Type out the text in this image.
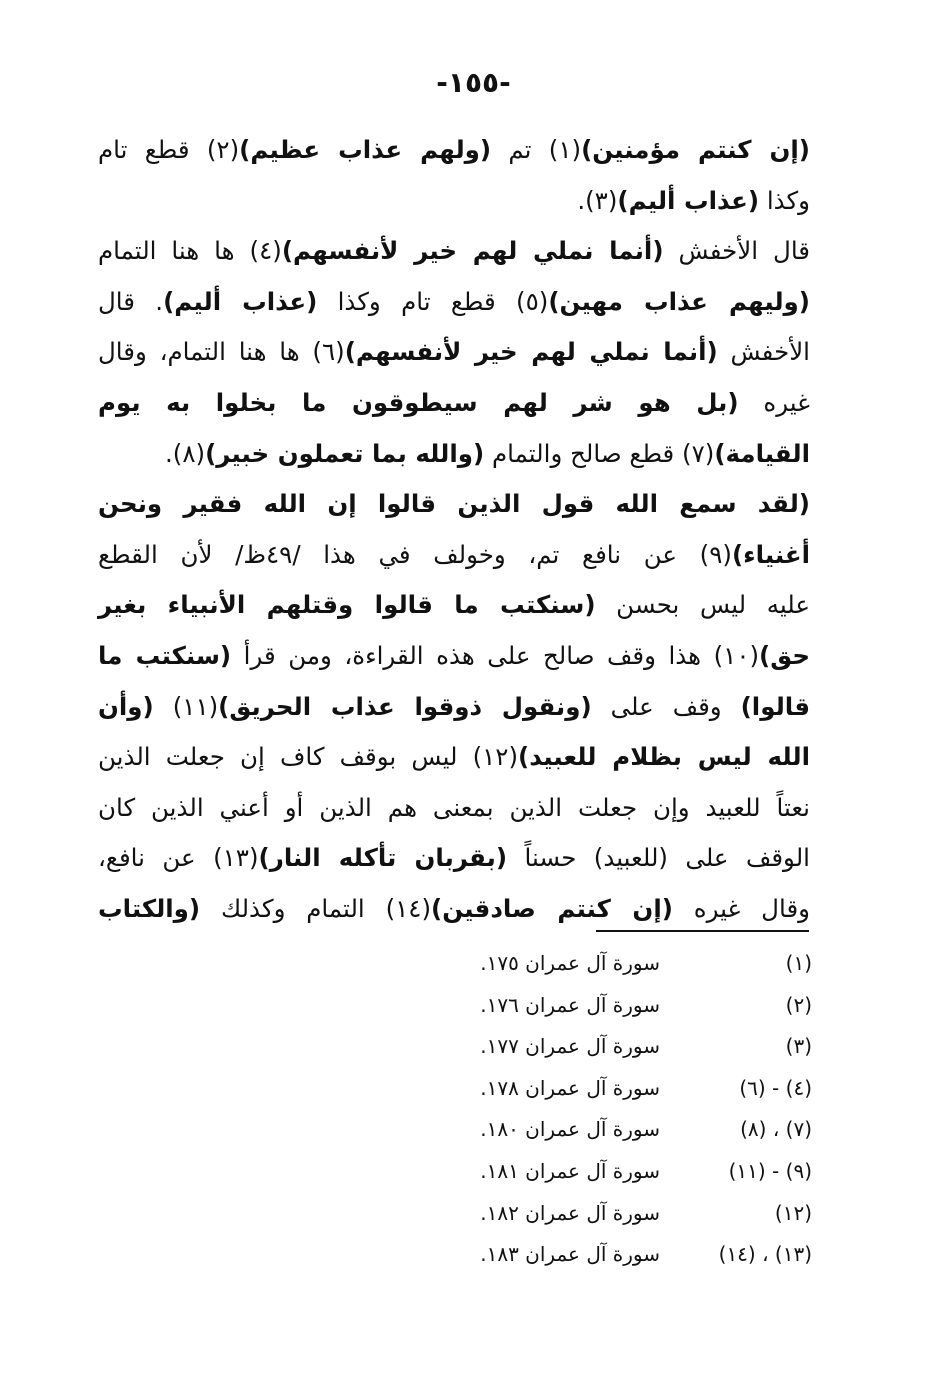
-١٥٥-
(إن كنتم مؤمنين)(١) تم (ولهم عذاب عظيم)(٢) قطع تام
وكذا (عذاب أليم)(٣).
قال الأخفش (أنما نملي لهم خير لأنفسهم)(٤) ها هنا التمام
(وليهم عذاب مهين)(٥) قطع تام وكذا (عذاب أليم). قال
الأخفش (أنما نملي لهم خير لأنفسهم)(٦) ها هنا التمام، وقال
غيره (بل هو شر لهم سيطوقون ما بخلوا به يوم
القيامة)(٧) قطع صالح والتمام (والله بما تعملون خبير)(٨).
(لقد سمع الله قول الذين قالوا إن الله فقير ونحن
أغنياء)(٩) عن نافع تم، وخولف في هذا /٤٩ظ/ لأن القطع
عليه ليس بحسن (سنكتب ما قالوا وقتلهم الأنبياء بغير
حق)(١٠) هذا وقف صالح على هذه القراءة، ومن قرأ (سنكتب ما
قالوا) وقف على (ونقول ذوقوا عذاب الحريق)(١١) (وأن
الله ليس بظلام للعبيد)(١٢) ليس بوقف كاف إن جعلت الذين
نعتاً للعبيد وإن جعلت الذين بمعنى هم الذين أو أعني الذين كان
الوقف على (للعبيد) حسناً (بقربان تأكله النار)(١٣) عن نافع،
وقال غيره (إن كنتم صادقين)(١٤) التمام وكذلك (والكتاب
(١)
سورة آل عمران ١٧٥.
(٢)
سورة آل عمران ١٧٦.
(٣)
سورة آل عمران ١٧٧.
(٤) - (٦)
سورة آل عمران ١٧٨.
(٧) ، (٨)
سورة آل عمران ١٨٠.
(٩) - (١١)
سورة آل عمران ١٨١.
(١٢)
سورة آل عمران ١٨٢.
(١٣) ، (١٤)
سورة آل عمران ١٨٣.
